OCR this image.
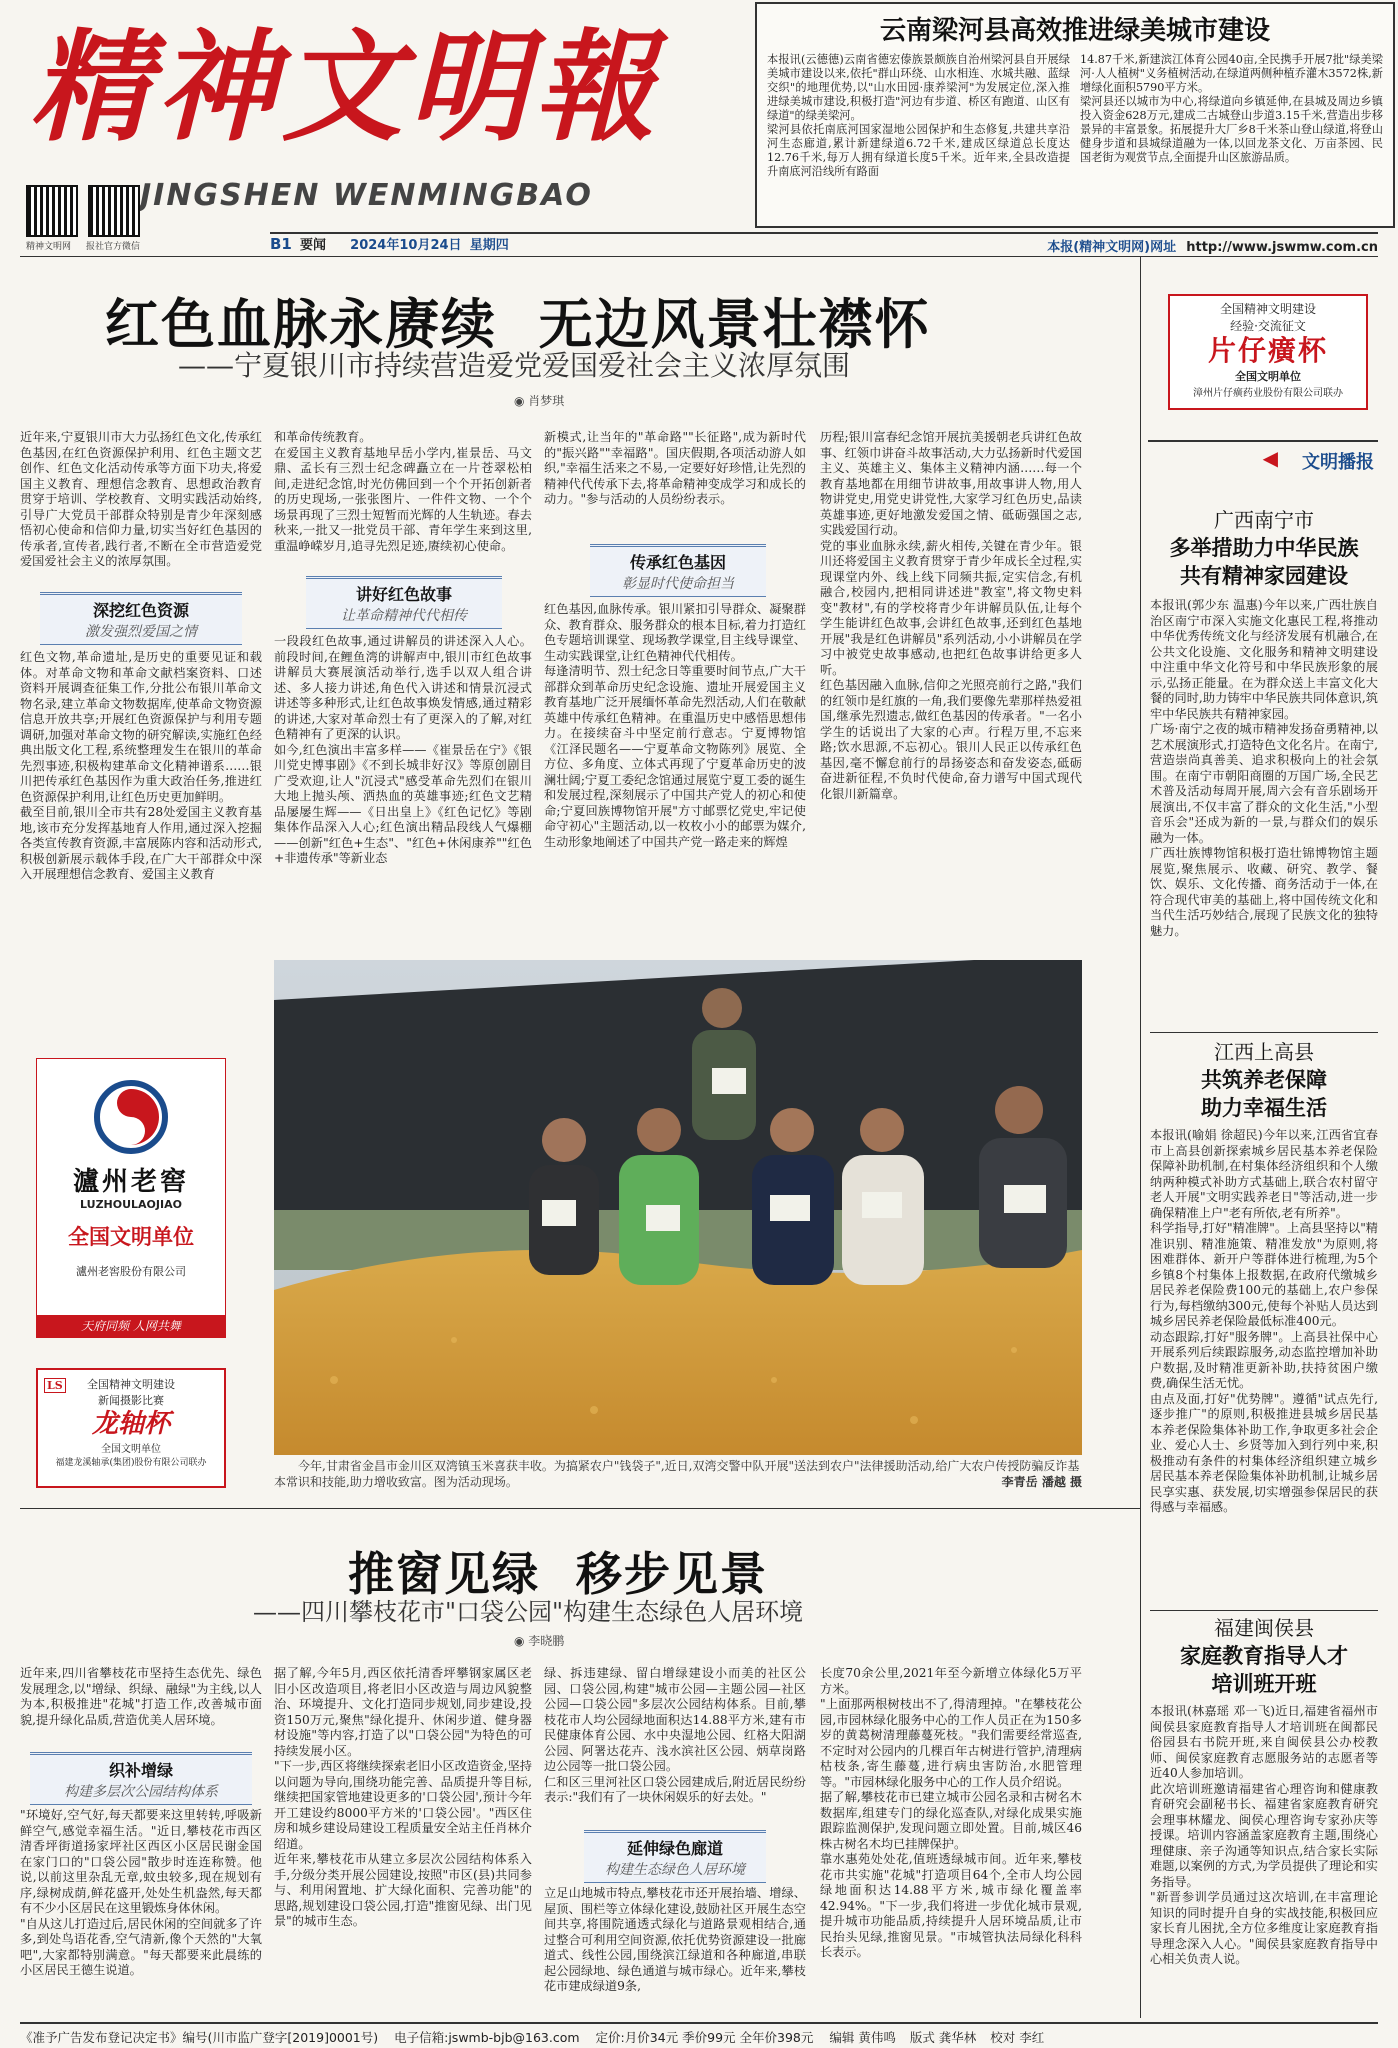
精神文明報
JINGSHEN WENMINGBAO
精神文明网 报社官方微信	B1 要闻 2024年10月24日 星期四	本报(精神文明网)网址 http://www.jswmw.com.cn
云南梁河县高效推进绿美城市建设
本报讯(云德德)云南省德宏傣族景颇族自治州梁河县自开展绿美城市建设以来,依托"群山环绕、山水相连、水城共融、蓝绿交织"的地理优势,以"山水田园·康养梁河"为发展定位,深入推进绿美城市建设,积极打造"河边有步道、桥区有跑道、山区有绿道"的绿美梁河。
梁河县依托南底河国家湿地公园保护和生态修复,共建共享沿河生态廊道,累计新建绿道6.72千米,建成区绿道总长度达12.76千米,每万人拥有绿道长度5千米。近年来,全县改造提升南底河沿线所有路面
14.87千米,新建滨江体育公园40亩,全民携手开展7批"绿美梁河·人人植树"义务植树活动,在绿道两侧种植乔灌木3572株,新增绿化面积5790平方米。
梁河县还以城市为中心,将绿道向乡镇延伸,在县城及周边乡镇投入资金628万元,建成二古城登山步道3.15千米,营造出步移景异的丰富景象。拓展提升大厂乡8千米茶山登山绿道,将登山健身步道和县城绿道融为一体,以回龙茶文化、万亩茶园、民国老街为观赏节点,全面提升山区旅游品质。
红色血脉永赓续  无边风景壮襟怀
——宁夏银川市持续营造爱党爱国爱社会主义浓厚氛围
◉ 肖梦琪
近年来,宁夏银川市大力弘扬红色文化,传承红色基因,在红色资源保护利用、红色主题文艺创作、红色文化活动传承等方面下功夫,将爱国主义教育、理想信念教育、思想政治教育贯穿于培训、学校教育、文明实践活动始终,引导广大党员干部群众特别是青少年深刻感悟初心使命和信仰力量,切实当好红色基因的传承者,宣传者,践行者,不断在全市营造爱党爱国爱社会主义的浓厚氛围。
深挖红色资源
激发强烈爱国之情
红色文物,革命遗址,是历史的重要见证和载体。对革命文物和革命文献档案资料、口述资料开展调查征集工作,分批公布银川革命文物名录,建立革命文物数据库,使革命文物资源信息开放共享;开展红色资源保护与利用专题调研,加强对革命文物的研究解读,实施红色经典出版文化工程,系统整理发生在银川的革命先烈事迹,积极构建革命文化精神谱系……银川把传承红色基因作为重大政治任务,推进红色资源保护利用,让红色历史更加鲜明。
截至目前,银川全市共有28处爱国主义教育基地,该市充分发挥基地育人作用,通过深入挖掘各类宣传教育资源,丰富展陈内容和活动形式,积极创新展示载体手段,在广大干部群众中深入开展理想信念教育、爱国主义教育
和革命传统教育。
在爱国主义教育基地早岳小学内,崔景岳、马文鼎、孟长有三烈士纪念碑矗立在一片苍翠松柏间,走进纪念馆,时光仿佛回到一个个开拓创新者的历史现场,一张张图片、一件件文物、一个个场景再现了三烈士短暂而光辉的人生轨迹。春去秋来,一批又一批党员干部、青年学生来到这里,重温峥嵘岁月,追寻先烈足迹,赓续初心使命。
讲好红色故事
让革命精神代代相传
一段段红色故事,通过讲解员的讲述深入人心。前段时间,在鲤鱼湾的讲解声中,银川市红色故事讲解员大赛展演活动举行,选手以双人组合讲述、多人接力讲述,角色代入讲述和情景沉浸式讲述等多种形式,让红色故事焕发情感,通过精彩的讲述,大家对革命烈士有了更深入的了解,对红色精神有了更深的认识。
如今,红色演出丰富多样——《崔景岳在宁》《银川党史博事剧》《不到长城非好汉》等原创剧目广受欢迎,让人"沉浸式"感受革命先烈们在银川大地上抛头颅、洒热血的英雄事迹;红色文艺精品屡屡生辉——《日出皇上》《红色记忆》等剧集体作品深入人心;红色演出精品段线人气爆棚——创新"红色+生态"、"红色+休闲康养""红色+非遗传承"等新业态
新模式,让当年的"革命路""长征路",成为新时代的"振兴路""幸福路"。国庆假期,各项活动游人如织,"幸福生活来之不易,一定要好好珍惜,让先烈的精神代代传承下去,将革命精神变成学习和成长的动力。"参与活动的人员纷纷表示。
传承红色基因
彰显时代使命担当
红色基因,血脉传承。银川紧扣引导群众、凝聚群众、教育群众、服务群众的根本目标,着力打造红色专题培训课堂、现场教学课堂,目主线导课堂、生动实践课堂,让红色精神代代相传。
每逢清明节、烈士纪念日等重要时间节点,广大干部群众到革命历史纪念设施、遗址开展爱国主义教育基地广泛开展缅怀革命先烈活动,人们在敬献英雄中传承红色精神。在重温历史中感悟思想伟力。在接续奋斗中坚定前行意志。宁夏博物馆《江泽民题名——宁夏革命文物陈列》展览、全方位、多角度、立体式再现了宁夏革命历史的波澜壮阔;宁夏工委纪念馆通过展览宁夏工委的诞生和发展过程,深刻展示了中国共产党人的初心和使命;宁夏回族博物馆开展"方寸邮票忆党史,牢记使命守初心"主题活动,以一枚枚小小的邮票为媒介,生动形象地阐述了中国共产党一路走来的辉煌
历程;银川富春纪念馆开展抗美援朝老兵讲红色故事、红领巾讲奋斗故事活动,大力弘扬新时代爱国主义、英雄主义、集体主义精神内涵……每一个教育基地都在用细节讲故事,用故事讲人物,用人物讲党史,用党史讲党性,大家学习红色历史,品读英雄事迹,更好地激发爱国之情、砥砺强国之志,实践爱国行动。
党的事业血脉永续,薪火相传,关键在青少年。银川还将爱国主义教育贯穿于青少年成长全过程,实现课堂内外、线上线下同频共振,定实信念,有机融合,校园内,把相同讲述进"教室",将文物史料变"教材",有的学校将青少年讲解员队伍,让每个学生能讲红色故事,会讲红色故事,还到红色基地开展"我是红色讲解员"系列活动,小小讲解员在学习中被党史故事感动,也把红色故事讲给更多人听。
红色基因融入血脉,信仰之光照亮前行之路,"我们的红领巾是红旗的一角,我们要像先辈那样热爱祖国,继承先烈遗志,做红色基因的传承者。"一名小学生的话说出了大家的心声。行程万里,不忘来路;饮水思源,不忘初心。银川人民正以传承红色基因,毫不懈怠前行的昂扬姿态和奋发姿态,砥砺奋进新征程,不负时代使命,奋力谱写中国式现代化银川新篇章。
今年,甘肃省金昌市金川区双湾镇玉米喜获丰收。为搞紧农户"钱袋子",近日,双湾交警中队开展"送法到农户"法律援助活动,给广大农户传授防骗反诈基本常识和技能,助力增收致富。图为活动现场。	李青岳 潘越 摄
推窗见绿  移步见景
——四川攀枝花市"口袋公园"构建生态绿色人居环境
◉ 李晓鹏
近年来,四川省攀枝花市坚持生态优先、绿色发展理念,以"增绿、织绿、融绿"为主线,以人为本,积极推进"花城"打造工作,改善城市面貌,提升绿化品质,营造优美人居环境。
织补增绿
构建多层次公园结构体系
"环境好,空气好,每天都要来这里转转,呼吸新鲜空气,感觉幸福生活。"近日,攀枝花市西区清香坪街道扬家坪社区西区小区居民谢金国在家门口的"口袋公园"散步时连连称赞。他说,以前这里杂乱无章,蚊虫较多,现在规划有序,绿树成荫,鲜花盛开,处处生机盎然,每天都有不少小区居民在这里锻炼身体休闲。
"自从这儿打造过后,居民休闲的空间就多了许多,到处鸟语花香,空气清新,像个天然的"大氧吧",大家都特别满意。"每天都要来此晨练的小区居民王德生说道。
据了解,今年5月,西区依托清香坪攀钢家属区老旧小区改造项目,将老旧小区改造与周边风貌整治、环境提升、文化打造同步规划,同步建设,投资150万元,聚焦"绿化提升、休闲步道、健身器材设施"等内容,打造了以"口袋公园"为特色的可持续发展小区。
"下一步,西区将继续探索老旧小区改造资金,坚持以问题为导向,围绕功能完善、品质提升等目标,继续把国家管地建设更多的'口袋公园',预计今年开工建设约8000平方米的'口袋公园'。"西区住房和城乡建设局建设工程质量安全站主任肖林介绍道。
近年来,攀枝花市从建立多层次公园结构体系入手,分级分类开展公园建设,按照"市区(县)共同参与、利用闲置地、扩大绿化面积、完善功能"的思路,规划建设口袋公园,打造"推窗见绿、出门见景"的城市生态。
绿、拆违建绿、留白增绿建设小而美的社区公园、口袋公园,构建"城市公园—主题公园—社区公园—口袋公园"多层次公园结构体系。目前,攀枝花市人均公园绿地面积达14.88平方米,建有市民健康体育公园、水中央湿地公园、红格大阳湖公园、阿署达花卉、浅水滨社区公园、炳草岗路边公园等一批口袋公园。
仁和区三里河社区口袋公园建成后,附近居民纷纷表示:"我们有了一块休闲娱乐的好去处。"
延伸绿色廊道
构建生态绿色人居环境
立足山地城市特点,攀枝花市还开展抬墙、增绿、屋顶、围栏等立体绿化建设,鼓励社区开展生态空间共享,将围院通透式绿化与道路景观相结合,通过整合可利用空间资源,依托优势资源建设一批廊道式、线性公园,围绕滨江绿道和各种廊道,串联起公园绿地、绿色通道与城市绿心。近年来,攀枝花市建成绿道9条,
长度70余公里,2021年至今新增立体绿化5万平方米。
"上面那两根树枝出不了,得清理掉。"在攀枝花公园,市园林绿化服务中心的工作人员正在为150多岁的黄葛树清理藤蔓死枝。"我们需要经常巡查,不定时对公园内的几棵百年古树进行管护,清理病枯枝条,寄生藤蔓,进行病虫害防治,水肥管理等。"市园林绿化服务中心的工作人员介绍说。
据了解,攀枝花市已建立城市公园名录和古树名木数据库,组建专门的绿化巡查队,对绿化成果实施跟踪监测保护,发现问题立即处置。目前,城区46株古树名木均已挂牌保护。
靠水惠苑处处花,值班透绿城市间。近年来,攀枝花市共实施"花城"打造项目64个,全市人均公园绿地面积达14.88平方米,城市绿化覆盖率42.94%。"下一步,我们将进一步优化城市景观,提升城市功能品质,持续提升人居环境品质,让市民抬头见绿,推窗见景。"市城管执法局绿化科科长表示。
全国精神文明建设
经验·交流征文
片仔癀杯
全国文明单位
漳州片仔癀药业股份有限公司联办
◀ 文明播报
广西南宁市
多举措助力中华民族
共有精神家园建设
本报讯(郭少东 温惠)今年以来,广西壮族自治区南宁市深入实施文化惠民工程,将推动中华优秀传统文化与经济发展有机融合,在公共文化设施、文化服务和精神文明建设中注重中华文化符号和中华民族形象的展示,弘扬正能量。在为群众送上丰富文化大餐的同时,助力铸牢中华民族共同体意识,筑牢中华民族共有精神家园。
广场·南宁之夜的城市精神发扬奋勇精神,以艺术展演形式,打造特色文化名片。在南宁,营造崇尚真善美、追求积极向上的社会氛围。在南宁市朝阳商圈的万国广场,全民艺术普及活动每周开展,周六会有音乐剧场开展演出,不仅丰富了群众的文化生活,"小型音乐会"还成为新的一景,与群众们的娱乐融为一体。
广西壮族博物馆积极打造壮锦博物馆主题展览,聚焦展示、收藏、研究、教学、餐饮、娱乐、文化传播、商务活动于一体,在符合现代审美的基础上,将中国传统文化和当代生活巧妙结合,展现了民族文化的独特魅力。
江西上高县
共筑养老保障
助力幸福生活
本报讯(喻娟 徐超民)今年以来,江西省宜春市上高县创新探索城乡居民基本养老保险保障补助机制,在村集体经济组织和个人缴纳两种模式补助方式基础上,联合农村留守老人开展"文明实践养老日"等活动,进一步确保精准上户"老有所依,老有所养"。
科学指导,打好"精准牌"。上高县坚持以"精准识别、精准施策、精准发放"为原则,将困难群体、新开户等群体进行梳理,为5个乡镇8个村集体上报数据,在政府代缴城乡居民养老保险费100元的基础上,农户参保行为,每档缴纳300元,使每个补贴人员达到城乡居民养老保险最低标准400元。
动态跟踪,打好"服务牌"。上高县社保中心开展系列后续跟踪服务,动态监控增加补助户数据,及时精准更新补助,扶持贫困户缴费,确保生活无忧。
由点及面,打好"优势牌"。遵循"试点先行,逐步推广"的原则,积极推进县城乡居民基本养老保险集体补助工作,争取更多社会企业、爱心人士、乡贤等加入到行列中来,积极推动有条件的村集体经济组织建立城乡居民基本养老保险集体补助机制,让城乡居民享实惠、获发展,切实增强参保居民的获得感与幸福感。
福建闽侯县
家庭教育指导人才
培训班开班
本报讯(林嘉瑶 邓一飞)近日,福建省福州市闽侯县家庭教育指导人才培训班在闽都民俗园县右书院开班,来自闽侯县公办校教师、闽侯家庭教育志愿服务站的志愿者等近40人参加培训。
此次培训班邀请福建省心理咨询和健康教育研究会副秘书长、福建省家庭教育研究会理事林耀龙、闽侯心理咨询专家孙庆等授课。培训内容涵盖家庭教育主题,围绕心理健康、亲子沟通等知识点,结合家长实际难题,以案例的方式,为学员提供了理论和实务指导。
"新晋参训学员通过这次培训,在丰富理论知识的同时提升自身的实战技能,积极回应家长育儿困扰,全方位多维度让家庭教育指导理念深入人心。"闽侯县家庭教育指导中心相关负责人说。
瀘州老窖
LUZHOULAOJIAO
全国文明单位
瀘州老窖股份有限公司
天府同频 人网共舞
LS	全国精神文明建设
新闻摄影比赛
龙轴杯
全国文明单位
福建龙溪轴承(集团)股份有限公司联办
《准予广告发布登记决定书》编号(川市监广登字[2019]0001号) 电子信箱:jswmb-bjb@163.com 定价:月价34元 季价99元 全年价398元 编辑 黄伟鸣 版式 龚华林 校对 李红
